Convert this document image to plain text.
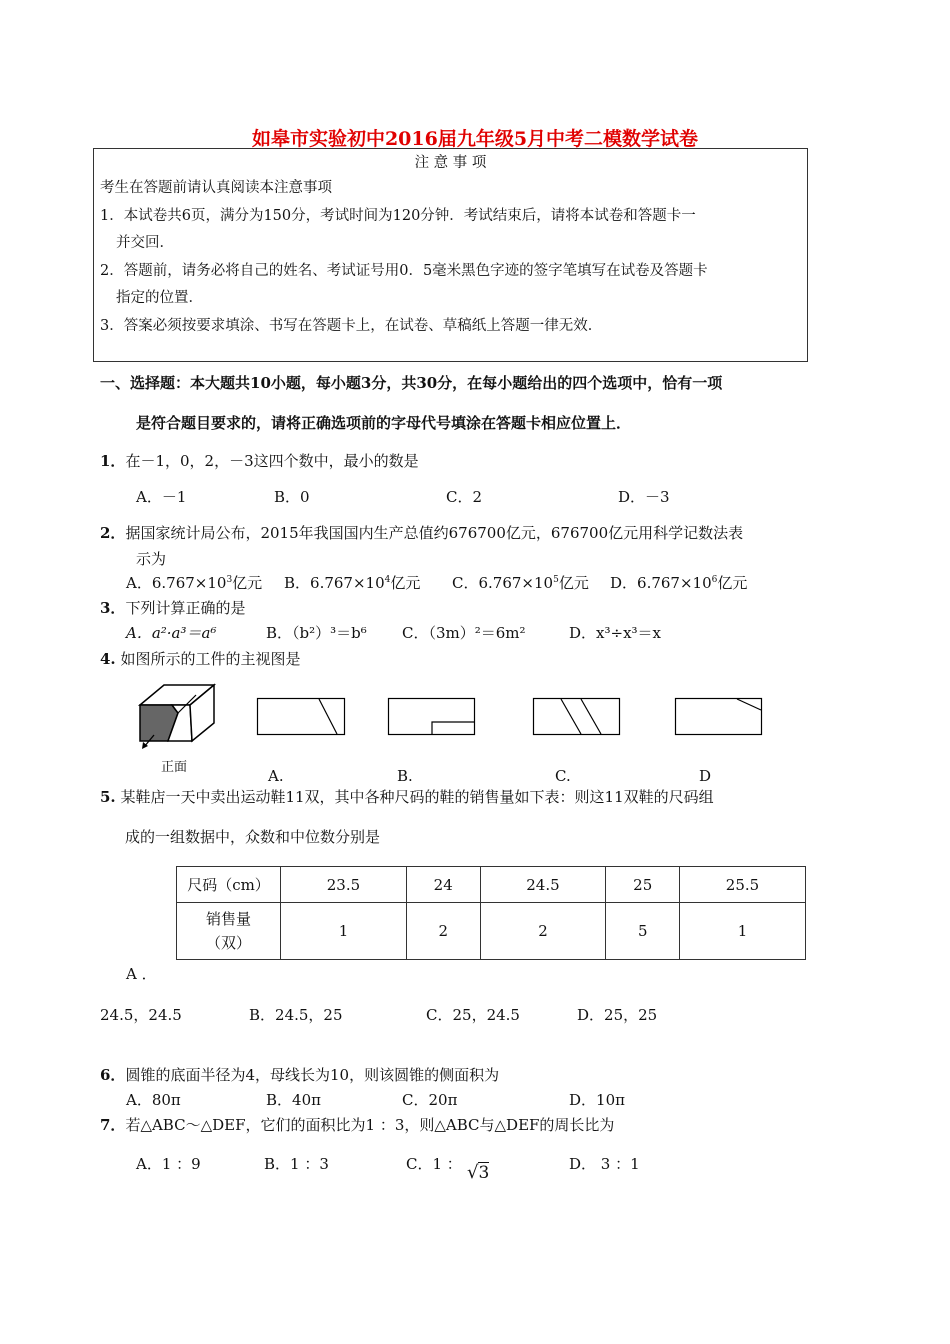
如皋市实验初中2016届九年级5月中考二模数学试卷
注 意 事 项
考生在答题前请认真阅读本注意事项
1．本试卷共6页，满分为150分，考试时间为120分钟．考试结束后，请将本试卷和答题卡一
并交回．
2．答题前，请务必将自己的姓名、考试证号用0．5毫米黑色字迹的签字笔填写在试卷及答题卡
指定的位置．
3．答案必须按要求填涂、书写在答题卡上，在试卷、草稿纸上答题一律无效．
一、选择题：本大题共10小题，每小题3分，共30分，在每小题给出的四个选项中，恰有一项
是符合题目要求的，请将正确选项前的字母代号填涂在答题卡相应位置上．
1．在－1，0，2，－3这四个数中，最小的数是
A．－1	B．0	C．2	D．－3
2．据国家统计局公布，2015年我国国内生产总值约676700亿元，676700亿元用科学记数法表
示为
A．$6.767\times 10^3$亿元 B．$6.767\times 10^4$亿元 C．$6.767\times 10^5$亿元 D．$6.767\times 10^6$亿元
3．下列计算正确的是
A．a²·a³＝a⁶	B．（b²）³＝b⁶ C．（3m）²＝6m²	D．x³÷x³＝x
4. 如图所示的工件的主视图是
正面	A.	B.	C.	D
5. 某鞋店一天中卖出运动鞋11双，其中各种尺码的鞋的销售量如下表：则这11双鞋的尺码组
成的一组数据中，众数和中位数分别是
尺码（cm）	23.5	24	24.5	25	25.5

销售量
（双）	1	2	2	5	1
A ．
24.5，24.5	B．24.5，25	C．25，24.5	D．25，25
6．圆锥的底面半径为4，母线长为10，则该圆锥的侧面积为
A．80π	B．40π	C．20π	D．10π
7．若△ABC～△DEF，它们的面积比为1 ：3，则△ABC与△DEF的周长比为
A．1 ：9	B．1 ：3	C．1 ： √3	D． 3 ：1
